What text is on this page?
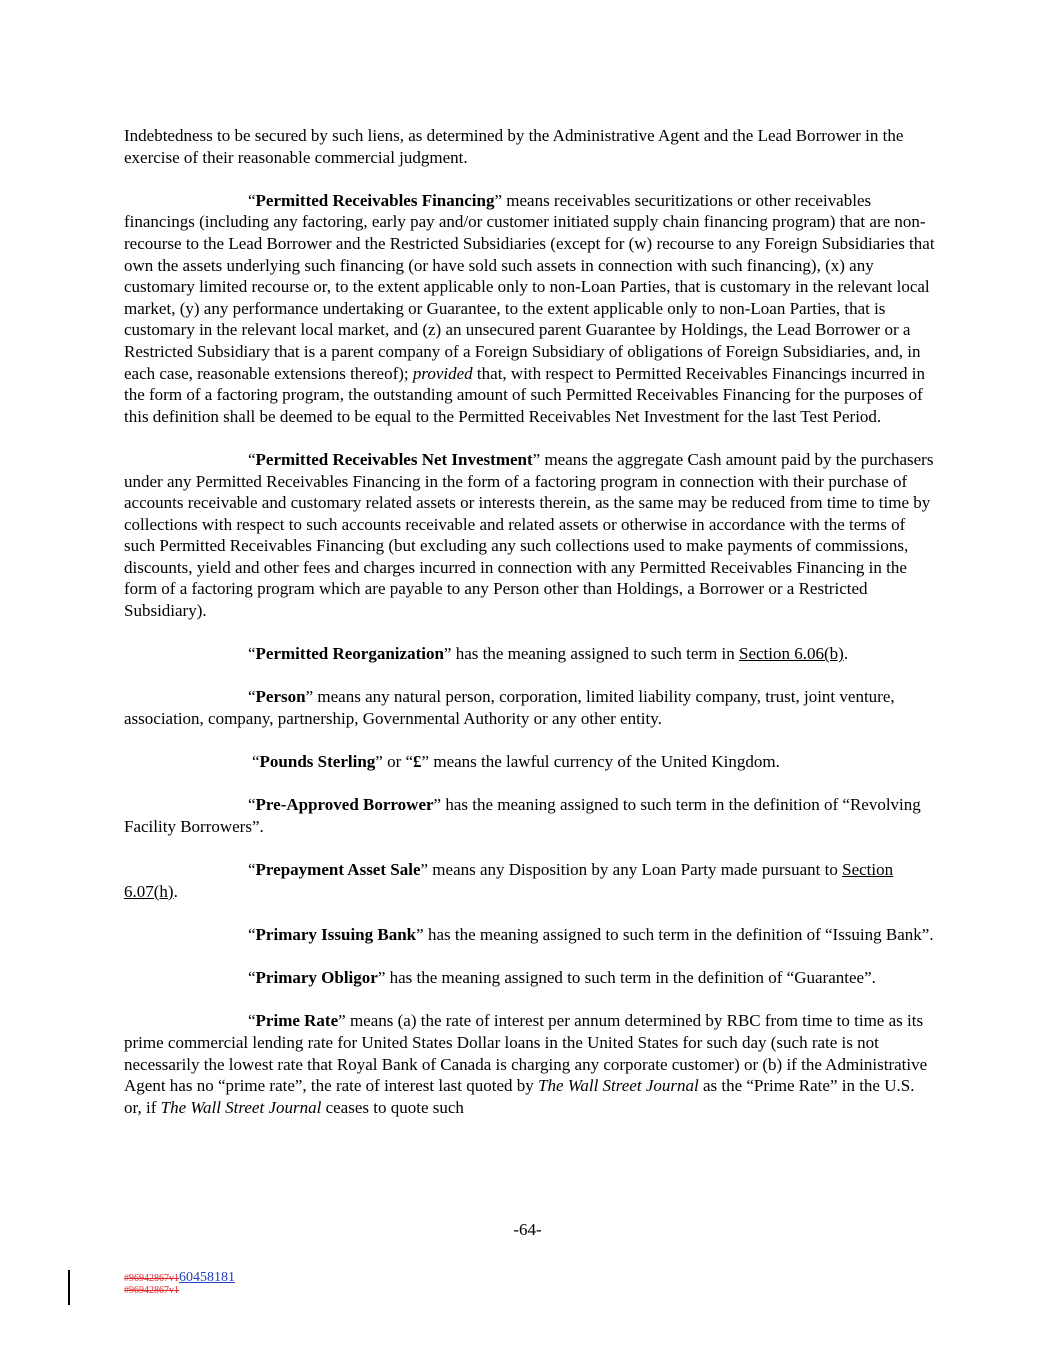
Indebtedness to be secured by such liens, as determined by the Administrative Agent and the Lead Borrower in the exercise of their reasonable commercial judgment.

“Permitted Receivables Financing” means receivables securitizations or other receivables financings (including any factoring, early pay and/or customer initiated supply chain financing program) that are non-recourse to the Lead Borrower and the Restricted Subsidiaries (except for (w) recourse to any Foreign Subsidiaries that own the assets underlying such financing (or have sold such assets in connection with such financing), (x) any customary limited recourse or, to the extent applicable only to non-Loan Parties, that is customary in the relevant local market, (y) any performance undertaking or Guarantee, to the extent applicable only to non-Loan Parties, that is customary in the relevant local market, and (z) an unsecured parent Guarantee by Holdings, the Lead Borrower or a Restricted Subsidiary that is a parent company of a Foreign Subsidiary of obligations of Foreign Subsidiaries, and, in each case, reasonable extensions thereof); provided that, with respect to Permitted Receivables Financings incurred in the form of a factoring program, the outstanding amount of such Permitted Receivables Financing for the purposes of this definition shall be deemed to be equal to the Permitted Receivables Net Investment for the last Test Period.

“Permitted Receivables Net Investment” means the aggregate Cash amount paid by the purchasers under any Permitted Receivables Financing in the form of a factoring program in connection with their purchase of accounts receivable and customary related assets or interests therein, as the same may be reduced from time to time by collections with respect to such accounts receivable and related assets or otherwise in accordance with the terms of such Permitted Receivables Financing (but excluding any such collections used to make payments of commissions, discounts, yield and other fees and charges incurred in connection with any Permitted Receivables Financing in the form of a factoring program which are payable to any Person other than Holdings, a Borrower or a Restricted Subsidiary).

“Permitted Reorganization” has the meaning assigned to such term in Section 6.06(b).

“Person” means any natural person, corporation, limited liability company, trust, joint venture, association, company, partnership, Governmental Authority or any other entity.

“Pounds Sterling” or “£” means the lawful currency of the United Kingdom.

“Pre-Approved Borrower” has the meaning assigned to such term in the definition of “Revolving Facility Borrowers”.

“Prepayment Asset Sale” means any Disposition by any Loan Party made pursuant to Section 6.07(h).

“Primary Issuing Bank” has the meaning assigned to such term in the definition of “Issuing Bank”.

“Primary Obligor” has the meaning assigned to such term in the definition of “Guarantee”.

“Prime Rate” means (a) the rate of interest per annum determined by RBC from time to time as its prime commercial lending rate for United States Dollar loans in the United States for such day (such rate is not necessarily the lowest rate that Royal Bank of Canada is charging any corporate customer) or (b) if the Administrative Agent has no “prime rate”, the rate of interest last quoted by The Wall Street Journal as the “Prime Rate” in the U.S. or, if The Wall Street Journal ceases to quote such

-64-
#96942867v160458181
#96942867v1
